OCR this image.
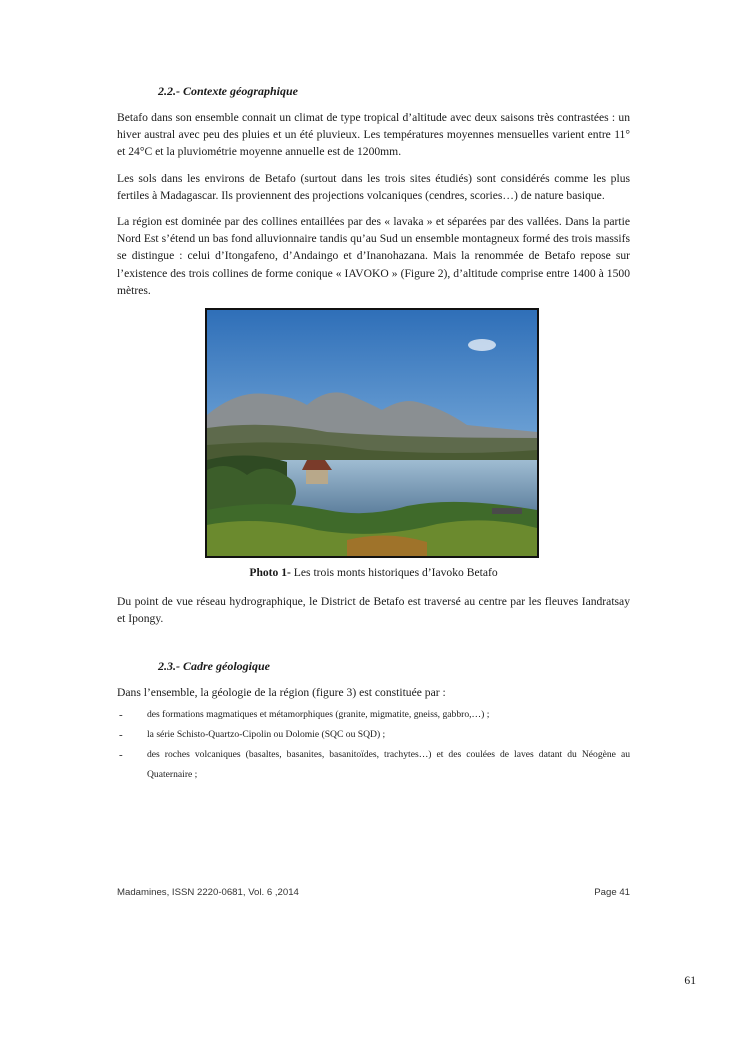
2.2.- Contexte géographique

Betafo dans son ensemble connait un climat de type tropical d’altitude avec deux saisons très contrastées : un hiver austral avec peu des pluies et un été pluvieux. Les températures moyennes mensuelles varient entre 11° et 24°C et la pluviométrie moyenne annuelle est de 1200mm.

Les sols dans les environs de Betafo (surtout dans les trois sites étudiés) sont considérés comme les plus fertiles à Madagascar. Ils proviennent des projections volcaniques (cendres, scories…) de nature basique.

La région est dominée par des collines entaillées par des « lavaka » et séparées par des vallées. Dans la partie Nord Est s’étend un bas fond alluvionnaire tandis qu’au Sud un ensemble montagneux formé des trois massifs se distingue : celui d’Itongafeno, d’Andaingo et d’Inanohazana. Mais la renommée de Betafo repose sur l’existence des trois collines de forme conique « IAVOKO » (Figure 2), d’altitude comprise entre 1400 à 1500 mètres.

Photo 1- Les trois monts historiques d’Iavoko Betafo

Du point de vue réseau hydrographique, le District de Betafo est traversé au centre par les fleuves Iandratsay et Ipongy.

2.3.- Cadre géologique

Dans l’ensemble, la géologie de la région (figure 3) est constituée par :

-	des formations magmatiques et métamorphiques (granite, migmatite, gneiss, gabbro,…) ;
-	la série Schisto-Quartzo-Cipolin ou Dolomie (SQC ou SQD) ;
-	des roches volcaniques (basaltes, basanites, basanitoïdes, trachytes…) et des coulées de laves datant du Néogène au Quaternaire ;
Madamines, ISSN 2220-0681, Vol. 6 ,2014	Page 41
61
